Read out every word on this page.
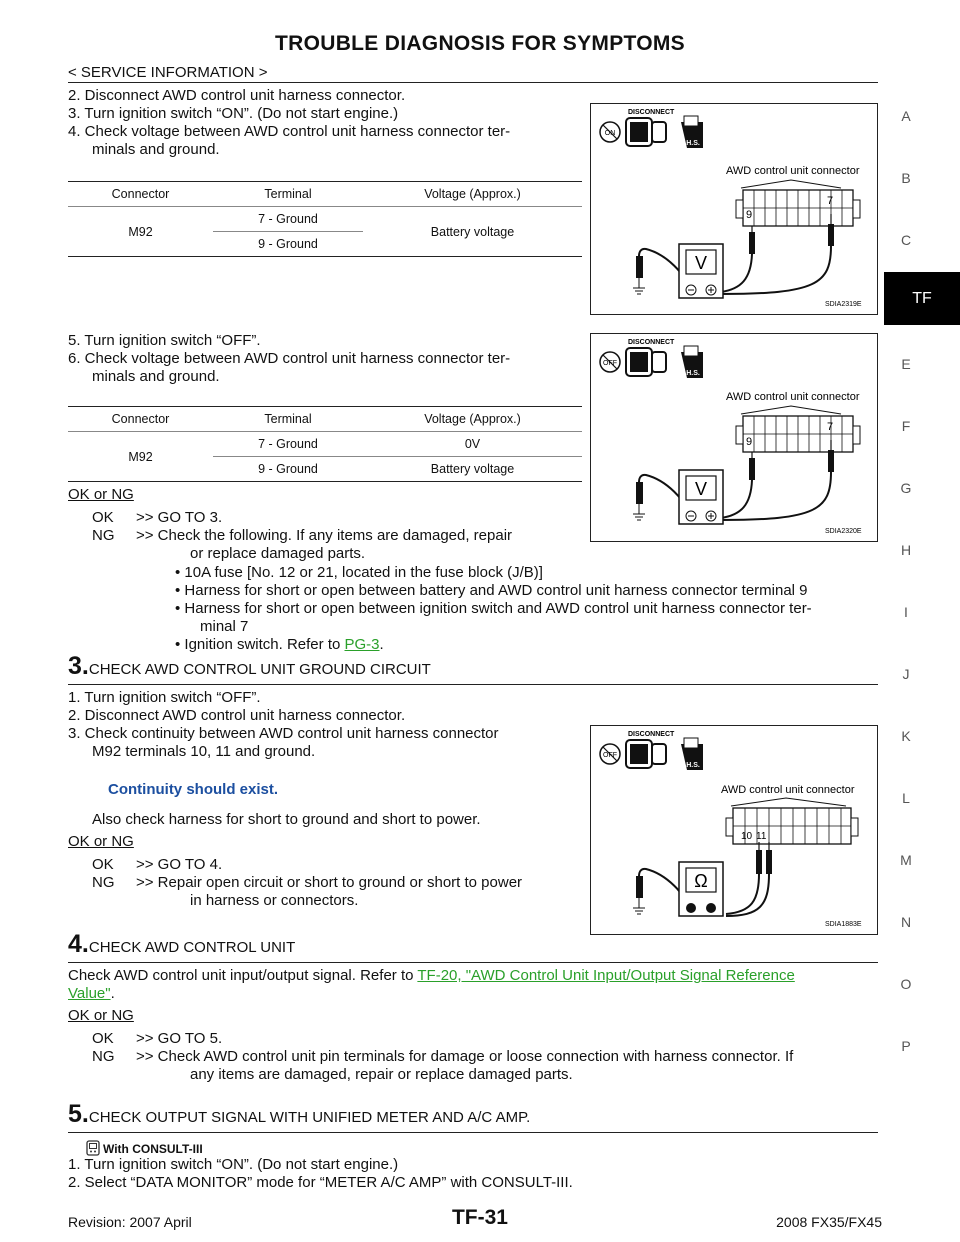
TROUBLE DIAGNOSIS FOR SYMPTOMS
< SERVICE INFORMATION >
A
B
C
TF
E
F
G
H
I
J
K
L
M
N
O
P
2. Disconnect AWD control unit harness connector.
3. Turn ignition switch “ON”. (Do not start engine.)
4. Check voltage between AWD control unit harness connector ter-
minals and ground.
Connector	Terminal	Voltage (Approx.)
M92	7 - Ground	Battery voltage
	9 - Ground	
5. Turn ignition switch “OFF”.
6. Check voltage between AWD control unit harness connector ter-
minals and ground.
Connector	Terminal	Voltage (Approx.)
M92	7 - Ground	0V
	9 - Ground	Battery voltage
OK or NG
OK >> GO TO 3.
NG >> Check the following. If any items are damaged, repair
or replace damaged parts.
• 10A fuse [No. 12 or 21, located in the fuse block (J/B)]
• Harness for short or open between battery and AWD control unit harness connector terminal 9
• Harness for short or open between ignition switch and AWD control unit harness connector ter-
minal 7
• Ignition switch. Refer to PG-3.
3.CHECK AWD CONTROL UNIT GROUND CIRCUIT
1. Turn ignition switch “OFF”.
2. Disconnect AWD control unit harness connector.
3. Check continuity between AWD control unit harness connector
M92 terminals 10, 11 and ground.
Continuity should exist.
Also check harness for short to ground and short to power.
OK or NG
OK >> GO TO 4.
NG >> Repair open circuit or short to ground or short to power
in harness or connectors.
4.CHECK AWD CONTROL UNIT
Check AWD control unit input/output signal. Refer to TF-20, "AWD Control Unit Input/Output Signal Reference
Value".
OK or NG
OK >> GO TO 5.
NG >> Check AWD control unit pin terminals for damage or loose connection with harness connector. If
any items are damaged, repair or replace damaged parts.
5.CHECK OUTPUT SIGNAL WITH UNIFIED METER AND A/C AMP.
With CONSULT-III
1. Turn ignition switch “ON”. (Do not start engine.)
2. Select “DATA MONITOR” mode for “METER A/C AMP” with CONSULT-III.
Revision: 2007 April	TF-31	2008 FX35/FX45
ON
DISCONNECT
H.S.
AWD control unit connector
9
7
V
SDIA2319E
OFF
DISCONNECT
H.S.
AWD control unit connector
9
7
V
SDIA2320E
OFF
DISCONNECT
H.S.
AWD control unit connector
10 11
Ω
SDIA1883E
